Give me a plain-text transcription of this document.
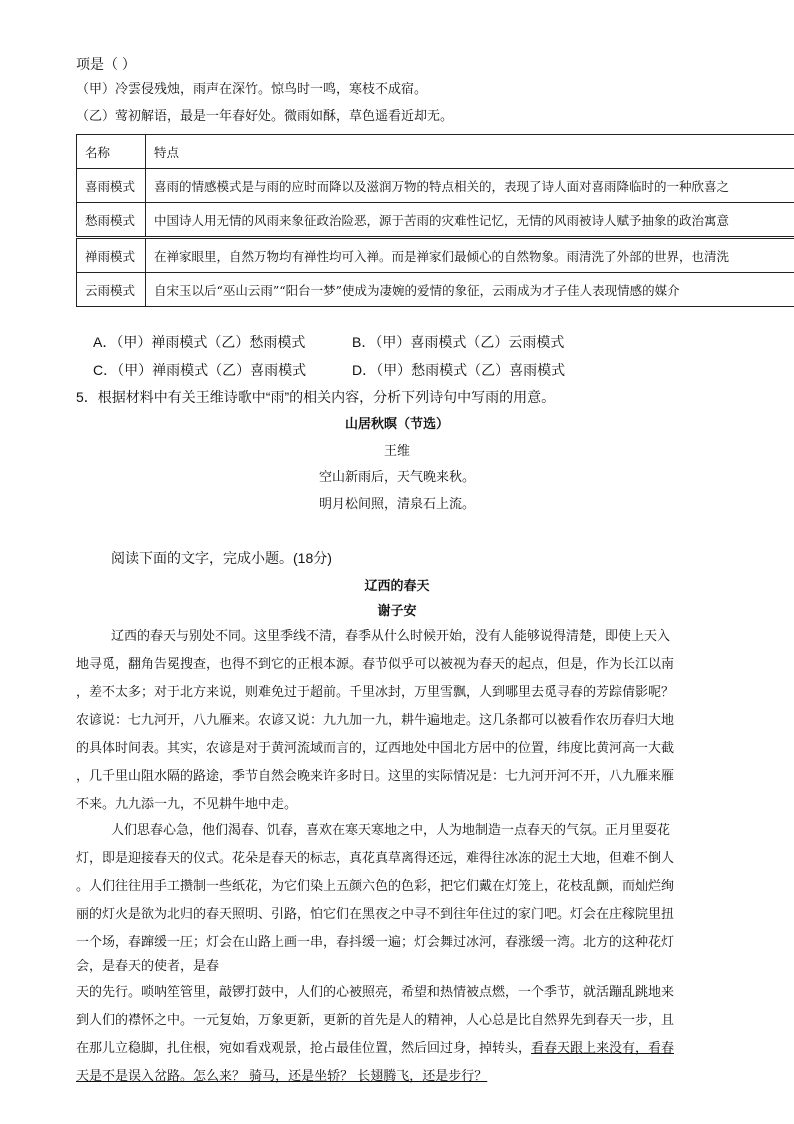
项是（ ）
（甲）冷雲侵残烛，雨声在深竹。惊鸟时一鸣，寒枝不成宿。
（乙）莺初解语，最是一年春好处。微雨如酥，草色遥看近却无。
名称	特点
喜雨模式	喜雨的情感模式是与雨的应时而降以及滋润万物的特点相关的，表现了诗人面对喜雨降临时的一种欣喜之
愁雨模式	中国诗人用无情的风雨来象征政治险恶，源于苦雨的灾难性记忆，无情的风雨被诗人赋予抽象的政治寓意
禅雨模式	在禅家眼里，自然万物均有禅性均可入禅。而是禅家们最倾心的自然物象。雨清洗了外部的世界，也清洗
云雨模式	自宋玉以后“巫山云雨”“阳台一梦”使成为凄婉的爱情的象征，云雨成为才子佳人表现情感的媒介
A．（甲）禅雨模式（乙）愁雨模式	B．（甲）喜雨模式（乙）云雨模式
C．（甲）禅雨模式（乙）喜雨模式	D．（甲）愁雨模式（乙）喜雨模式
5．根据材料中有关王维诗歌中“雨”的相关内容，分析下列诗句中写雨的用意。
山居秋暝（节选）
王维
空山新雨后，天气晚来秋。
明月松间照，清泉石上流。
阅读下面的文字，完成小题。(18分)
辽西的春天
谢子安
辽西的春天与别处不同。这里季线不清，春季从什么时候开始，没有人能够说得清楚，即使上天入
地寻觅，翻角告冕搜查，也得不到它的正根本源。春节似乎可以被视为春天的起点，但是，作为长江以南
，差不太多；对于北方来说，则难免过于超前。千里冰封，万里雪飘，人到哪里去觅寻春的芳踪倩影呢？
农谚说：七九河开，八九雁来。农谚又说：九九加一九，耕牛遍地走。这几条都可以被看作农历春归大地
的具体时间表。其实，农谚是对于黄河流域而言的，辽西地处中国北方居中的位置，纬度比黄河高一大截
，几千里山阻水隔的路途，季节自然会晚来许多时日。这里的实际情况是：七九河开河不开，八九雁来雁
不来。九九添一九，不见耕牛地中走。
人们思春心急，他们渴春、饥春，喜欢在寒天寒地之中，人为地制造一点春天的气氛。正月里耍花
灯，即是迎接春天的仪式。花朵是春天的标志，真花真草离得还远，难得往冰冻的泥土大地，但难不倒人
。人们往往用手工攒制一些纸花，为它们染上五颜六色的色彩，把它们戴在灯笼上，花枝乱颤，而灿烂绚
丽的灯火是欲为北归的春天照明、引路，怕它们在黑夜之中寻不到往年住过的家门吧。灯会在庄稼院里扭
一个场，春蹿缓一圧；灯会在山路上画一串，春抖缓一遍；灯会舞过冰河，春涨缓一湾。北方的这种花灯
会，是春天的使者，是春
天的先行。唢呐笙管里，敲锣打鼓中，人们的心被照亮，希望和热情被点燃，一个季节，就活蹦乱跳地来
到人们的襟怀之中。一元复始，万象更新，更新的首先是人的精神，人心总是比自然界先到春天一步，且
在那儿立稳脚，扎住根，宛如看戏观景，抢占最佳位置，然后回过身，掉转头，看春天跟上来没有，看春
天是不是误入岔路。怎么来？ 骑马，还是坐轿？ 长翅腾飞，还是步行？
